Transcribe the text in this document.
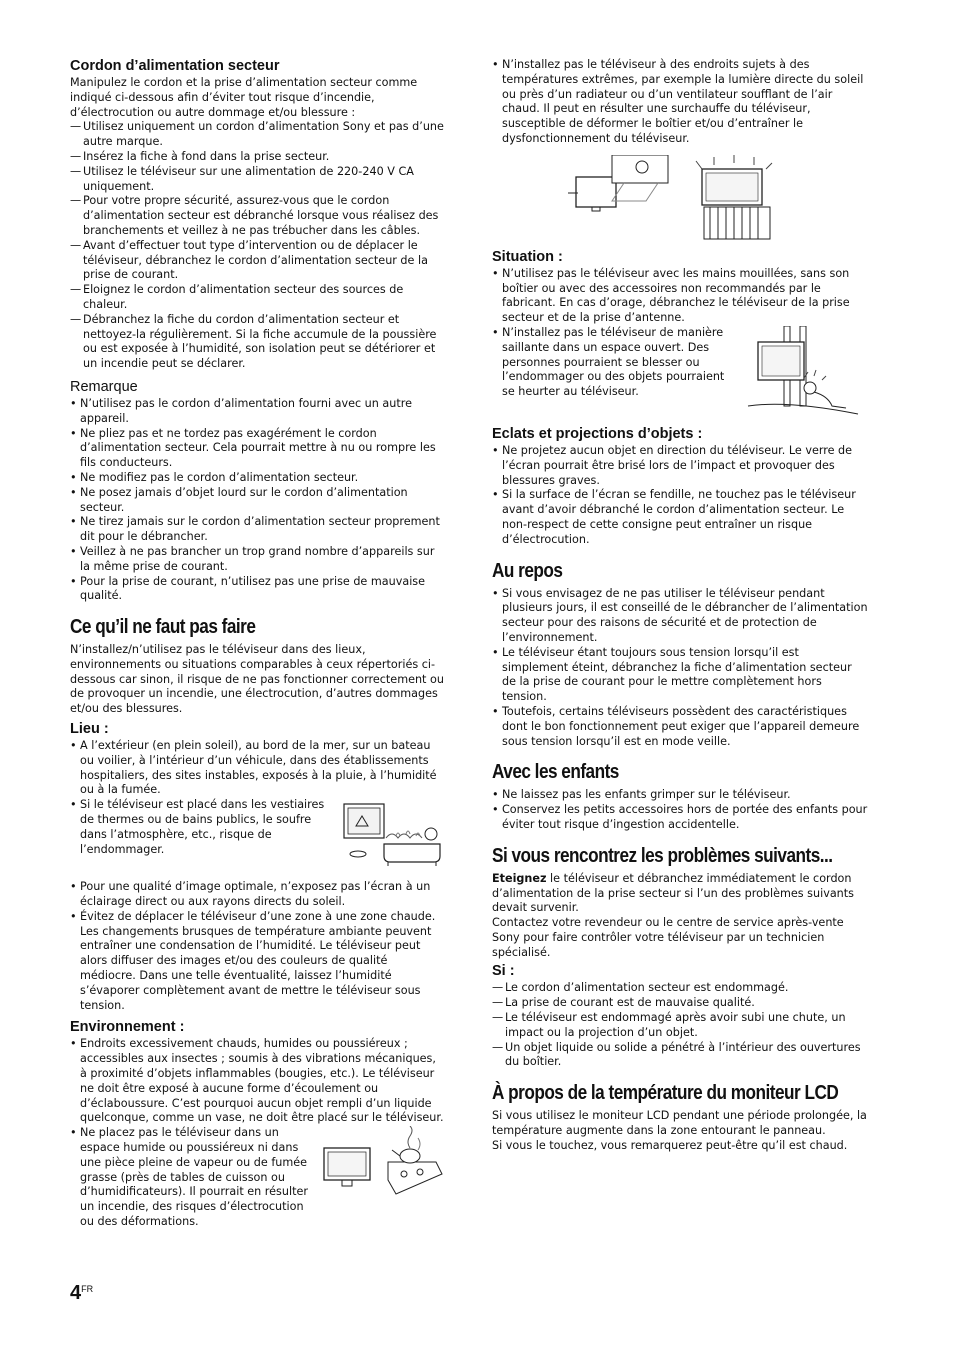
Cordon d’alimentation secteur

Manipulez le cordon et la prise d’alimentation secteur comme indiqué ci-dessous afin d’éviter tout risque d’incendie, d’électrocution ou autre dommage et/ou blessure :

— Utilisez uniquement un cordon d’alimentation Sony et pas d’une autre marque.
— Insérez la fiche à fond dans la prise secteur.
— Utilisez le téléviseur sur une alimentation de 220-240 V CA uniquement.
— Pour votre propre sécurité, assurez-vous que le cordon d’alimentation secteur est débranché lorsque vous réalisez des branchements et veillez à ne pas trébucher dans les câbles.
— Avant d’effectuer tout type d’intervention ou de déplacer le téléviseur, débranchez le cordon d’alimentation secteur de la prise de courant.
— Eloignez le cordon d’alimentation secteur des sources de chaleur.
— Débranchez la fiche du cordon d’alimentation secteur et nettoyez-la régulièrement. Si la fiche accumule de la poussière ou est exposée à l’humidité, son isolation peut se détériorer et un incendie peut se déclarer.
Remarque
• N’utilisez pas le cordon d’alimentation fourni avec un autre appareil.
• Ne pliez pas et ne tordez pas exagérément le cordon d’alimentation secteur. Cela pourrait mettre à nu ou rompre les fils conducteurs.
• Ne modifiez pas le cordon d’alimentation secteur.
• Ne posez jamais d’objet lourd sur le cordon d’alimentation secteur.
• Ne tirez jamais sur le cordon d’alimentation secteur proprement dit pour le débrancher.
• Veillez à ne pas brancher un trop grand nombre d’appareils sur la même prise de courant.
• Pour la prise de courant, n’utilisez pas une prise de mauvaise qualité.
Ce qu’il ne faut pas faire

N’installez/n’utilisez pas le téléviseur dans des lieux, environnements ou situations comparables à ceux répertoriés ci-dessous car sinon, il risque de ne pas fonctionner correctement ou de provoquer un incendie, une électrocution, d’autres dommages et/ou des blessures.

Lieu :
• A l’extérieur (en plein soleil), au bord de la mer, sur un bateau ou voilier, à l’intérieur d’un véhicule, dans des établissements hospitaliers, des sites instables, exposés à la pluie, à l’humidité ou à la fumée.
• Si le téléviseur est placé dans les vestiaires de thermes ou de bains publics, le soufre dans l’atmosphère, etc., risque de l’endommager.
• Pour une qualité d’image optimale, n’exposez pas l’écran à un éclairage direct ou aux rayons directs du soleil.
• Évitez de déplacer le téléviseur d’une zone à une zone chaude. Les changements brusques de température ambiante peuvent entraîner une condensation de l’humidité. Le téléviseur peut alors diffuser des images et/ou des couleurs de qualité médiocre. Dans une telle éventualité, laissez l’humidité s’évaporer complètement avant de mettre le téléviseur sous tension.
Environnement :
• Endroits excessivement chauds, humides ou poussiéreux ; accessibles aux insectes ; soumis à des vibrations mécaniques, à proximité d’objets inflammables (bougies, etc.). Le téléviseur ne doit être exposé à aucune forme d’écoulement ou d’éclaboussure. C’est pourquoi aucun objet rempli d’un liquide quelconque, comme un vase, ne doit être placé sur le téléviseur.
• Ne placez pas le téléviseur dans un espace humide ou poussiéreux ni dans une pièce pleine de vapeur ou de fumée grasse (près de tables de cuisson ou d’humidificateurs). Il pourrait en résulter un incendie, des risques d’électrocution ou des déformations.
• N’installez pas le téléviseur à des endroits sujets à des températures extrêmes, par exemple la lumière directe du soleil ou près d’un radiateur ou d’un ventilateur soufflant de l’air chaud. Il peut en résulter une surchauffe du téléviseur, susceptible de déformer le boîtier et/ou d’entraîner le dysfonctionnement du téléviseur.
Situation :
• N’utilisez pas le téléviseur avec les mains mouillées, sans son boîtier ou avec des accessoires non recommandés par le fabricant. En cas d’orage, débranchez le téléviseur de la prise secteur et de la prise d’antenne.
• N’installez pas le téléviseur de manière saillante dans un espace ouvert. Des personnes pourraient se blesser ou l’endommager ou des objets pourraient se heurter au téléviseur.
Eclats et projections d’objets :
• Ne projetez aucun objet en direction du téléviseur. Le verre de l’écran pourrait être brisé lors de l’impact et provoquer des blessures graves.
• Si la surface de l’écran se fendille, ne touchez pas le téléviseur avant d’avoir débranché le cordon d’alimentation secteur. Le non-respect de cette consigne peut entraîner un risque d’électrocution.
Au repos
• Si vous envisagez de ne pas utiliser le téléviseur pendant plusieurs jours, il est conseillé de le débrancher de l’alimentation secteur pour des raisons de sécurité et de protection de l’environnement.
• Le téléviseur étant toujours sous tension lorsqu’il est simplement éteint, débranchez la fiche d’alimentation secteur de la prise de courant pour le mettre complètement hors tension.
• Toutefois, certains téléviseurs possèdent des caractéristiques dont le bon fonctionnement peut exiger que l’appareil demeure sous tension lorsqu’il est en mode veille.
Avec les enfants
• Ne laissez pas les enfants grimper sur le téléviseur.
• Conservez les petits accessoires hors de portée des enfants pour éviter tout risque d’ingestion accidentelle.
Si vous rencontrez les problèmes suivants...

Eteignez le téléviseur et débranchez immédiatement le cordon d’alimentation de la prise secteur si l’un des problèmes suivants devait survenir.

Contactez votre revendeur ou le centre de service après-vente Sony pour faire contrôler votre téléviseur par un technicien spécialisé.

Si :
— Le cordon d’alimentation secteur est endommagé.
— La prise de courant est de mauvaise qualité.
— Le téléviseur est endommagé après avoir subi une chute, un impact ou la projection d’un objet.
— Un objet liquide ou solide a pénétré à l’intérieur des ouvertures du boîtier.
À propos de la température du moniteur LCD

Si vous utilisez le moniteur LCD pendant une période prolongée, la température augmente dans la zone entourant le panneau.

Si vous le touchez, vous remarquerez peut-être qu’il est chaud.

$4^{FR}$
